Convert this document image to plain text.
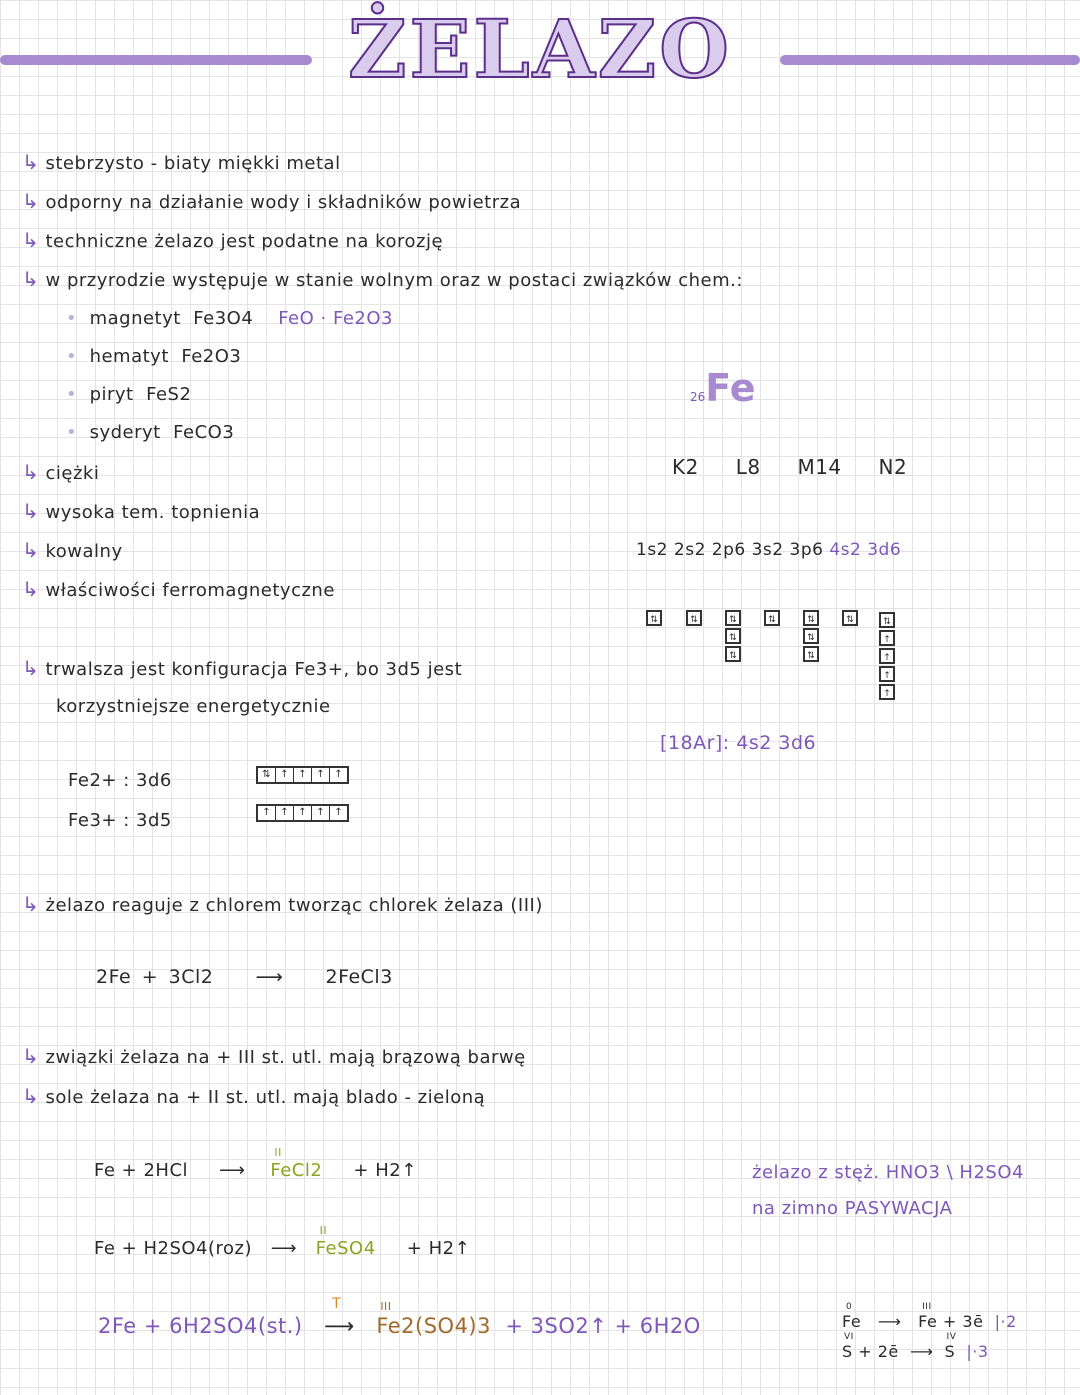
ŻELAZO
↳ stebrzysto - biaty miękki metal
↳ odporny na działanie wody i składników powietrza
↳ techniczne żelazo jest podatne na korozję
↳ w przyrodzie występuje w stanie wolnym oraz w postaci związków chem.:
• magnetyt Fe3O4 FeO · Fe2O3
• hematyt Fe2O3
• piryt FeS2
• syderyt FeCO3
↳ ciężki
↳ wysoka tem. topnienia
↳ kowalny
↳ właściwości ferromagnetyczne
26Fe
K2 L8 M14 N2
1s2 2s2 2p6 3s2 3p6 4s2 3d6
⇅	⇅	⇅
⇅
⇅
⇅	⇅
⇅
⇅
⇅	⇅
↑
↑
↑
↑
[18Ar]: 4s2 3d6
↳ trwalsza jest konfiguracja Fe3+, bo 3d5 jest
korzystniejsze energetycznie
Fe2+ : 3d6	⇅ ↑ ↑ ↑ ↑
Fe3+ : 3d5	↑ ↑ ↑ ↑ ↑
↳ żelazo reaguje z chlorem tworząc chlorek żelaza (III)
2Fe + 3Cl2 ⟶ 2FeCl3
↳ związki żelaza na + III st. utl. mają brązową barwę
↳ sole żelaza na + II st. utl. mają blado - zieloną
Fe + 2HCl ⟶
II
FeCl2 + H2↑
Fe + H2SO4(roz) ⟶
II
FeSO4 + H2↑
2Fe + 6H2SO4(st.)
T
⟶
III
Fe2(SO4)3 + 3SO2↑ + 6H2O
żelazo z stęż. HNO3 \ H2SO4
na zimno PASYWACJA
0
Fe ⟶
III
Fe + 3ē |·2
VI
S + 2ē ⟶
IV
S |·3
